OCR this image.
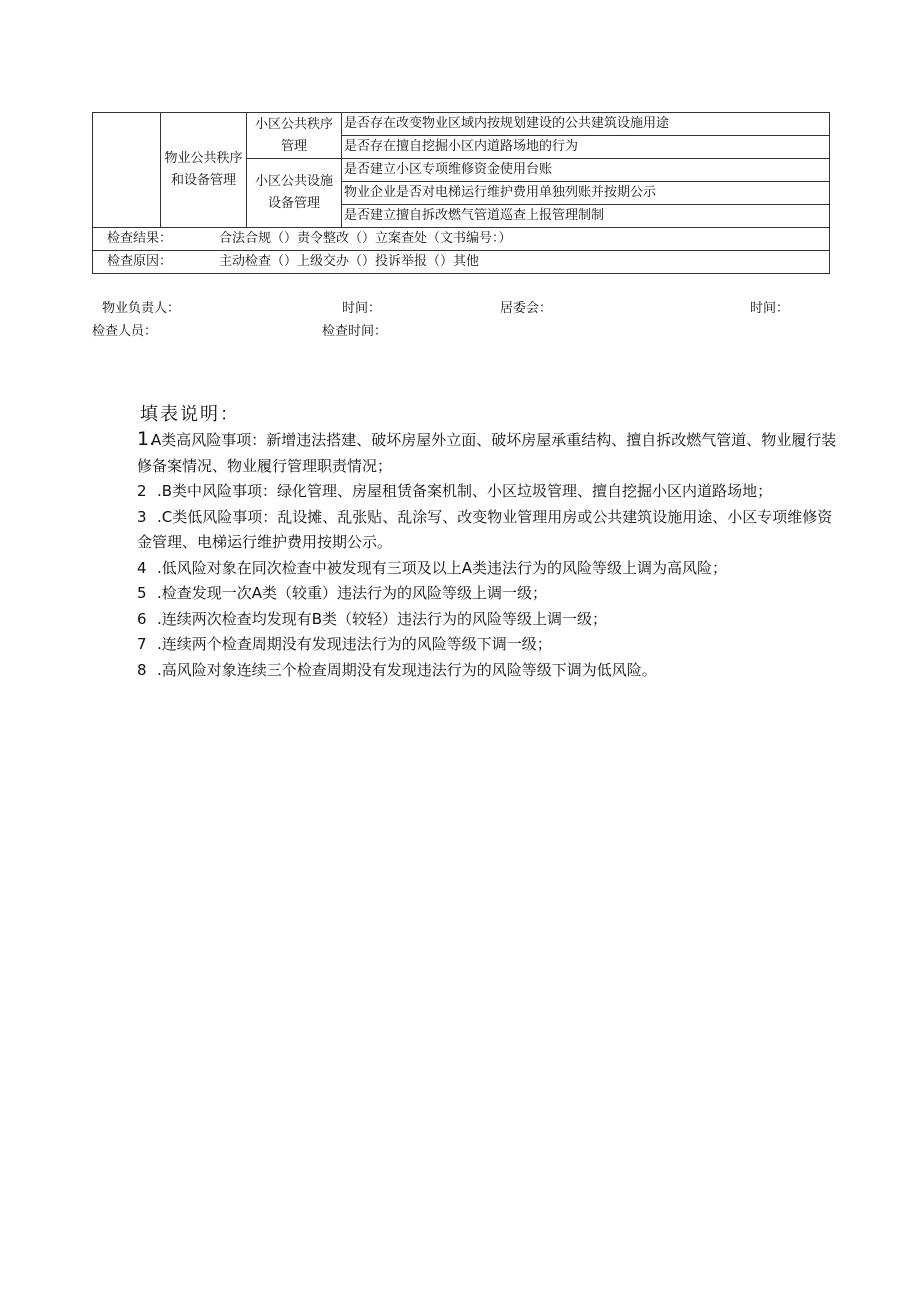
	物业公共秩序和设备管理	小区公共秩序管理	是否存在改变物业区域内按规划建设的公共建筑设施用途
			是否存在擅自挖掘小区内道路场地的行为
		小区公共设施设备管理	是否建立小区专项维修资金使用台账
			物业企业是否对电梯运行维护费用单独列账并按期公示
			是否建立擅自拆改燃气管道巡查上报管理制制
检查结果： 合法合规（）责令整改（）立案查处（文书编号：）			
检查原因： 主动检查（）上级交办（）投诉举报（）其他			
物业负责人：	时间：	居委会：	时间：
检查人员：	检查时间：
填表说明：

1.A类高风险事项：新增违法搭建、破坏房屋外立面、破坏房屋承重结构、擅自拆改燃气管道、物业履行装修备案情况、物业履行管理职责情况；

2 .B类中风险事项：绿化管理、房屋租赁备案机制、小区垃圾管理、擅自挖掘小区内道路场地；

3 .C类低风险事项：乱设摊、乱张贴、乱涂写、改变物业管理用房或公共建筑设施用途、小区专项维修资金管理、电梯运行维护费用按期公示。

4 .低风险对象在同次检查中被发现有三项及以上A类违法行为的风险等级上调为高风险；

5 .检查发现一次A类（较重）违法行为的风险等级上调一级；

6 .连续两次检查均发现有B类（较轻）违法行为的风险等级上调一级；

7 .连续两个检查周期没有发现违法行为的风险等级下调一级；

8 .高风险对象连续三个检查周期没有发现违法行为的风险等级下调为低风险。
